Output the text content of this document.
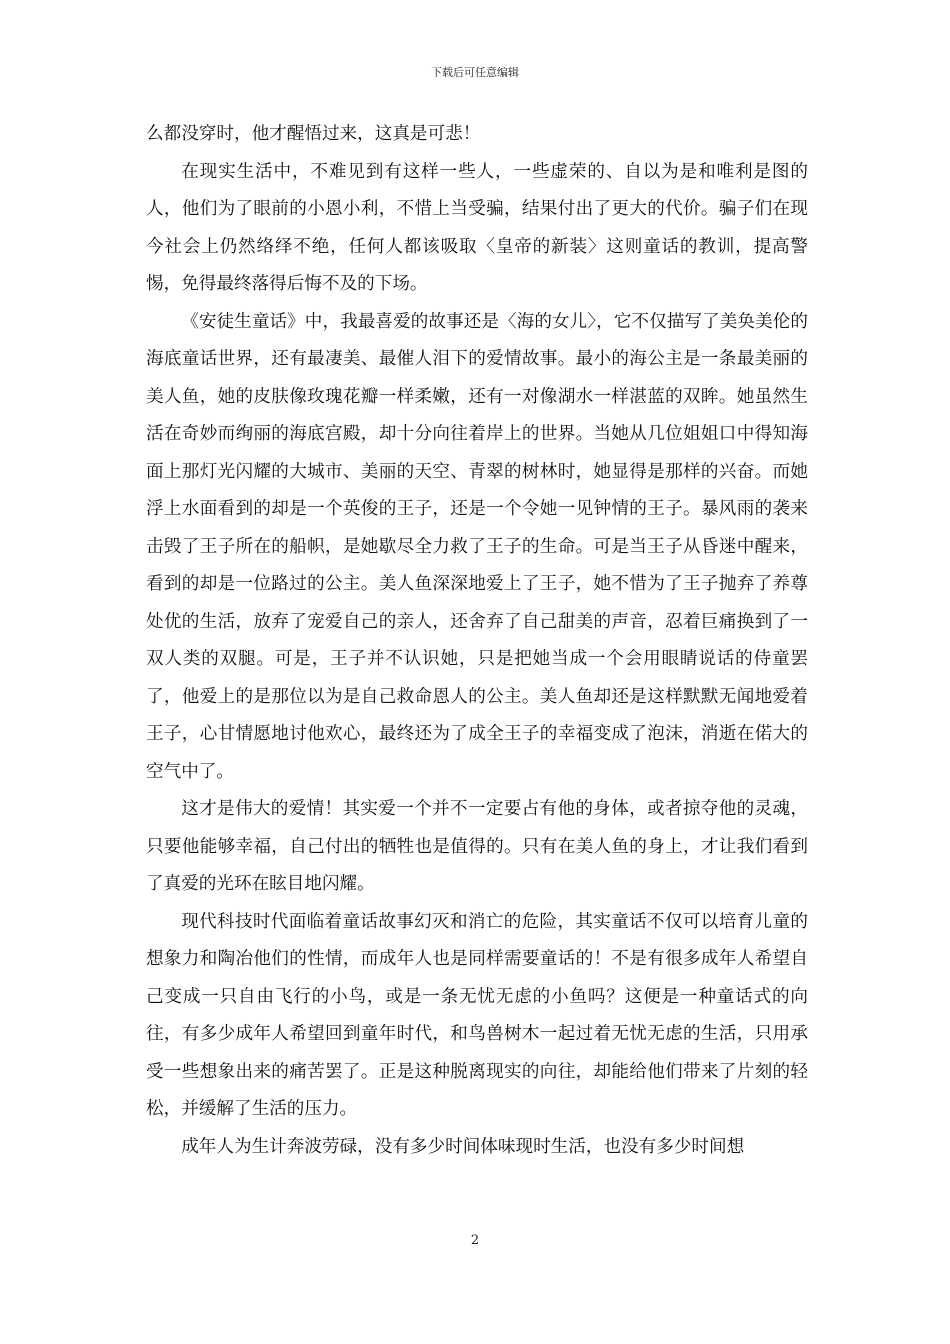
下载后可任意编辑

么都没穿时，他才醒悟过来，这真是可悲！

在现实生活中，不难见到有这样一些人，一些虚荣的、自以为是和唯利是图的人，他们为了眼前的小恩小利，不惜上当受骗，结果付出了更大的代价。骗子们在现今社会上仍然络绎不绝，任何人都该吸取〈皇帝的新装〉这则童话的教训，提高警惕，免得最终落得后悔不及的下场。

《安徒生童话》中，我最喜爱的故事还是〈海的女儿〉，它不仅描写了美奂美伦的海底童话世界，还有最凄美、最催人泪下的爱情故事。最小的海公主是一条最美丽的美人鱼，她的皮肤像玫瑰花瓣一样柔嫩，还有一对像湖水一样湛蓝的双眸。她虽然生活在奇妙而绚丽的海底宫殿，却十分向往着岸上的世界。当她从几位姐姐口中得知海面上那灯光闪耀的大城市、美丽的天空、青翠的树林时，她显得是那样的兴奋。而她浮上水面看到的却是一个英俊的王子，还是一个令她一见钟情的王子。暴风雨的袭来击毁了王子所在的船帜，是她歇尽全力救了王子的生命。可是当王子从昏迷中醒来，看到的却是一位路过的公主。美人鱼深深地爱上了王子，她不惜为了王子抛弃了养尊处优的生活，放弃了宠爱自己的亲人，还舍弃了自己甜美的声音，忍着巨痛换到了一双人类的双腿。可是，王子并不认识她，只是把她当成一个会用眼睛说话的侍童罢了，他爱上的是那位以为是自己救命恩人的公主。美人鱼却还是这样默默无闻地爱着王子，心甘情愿地讨他欢心，最终还为了成全王子的幸福变成了泡沫，消逝在偌大的空气中了。

这才是伟大的爱情！其实爱一个并不一定要占有他的身体，或者掠夺他的灵魂，只要他能够幸福，自己付出的牺牲也是值得的。只有在美人鱼的身上，才让我们看到了真爱的光环在眩目地闪耀。

现代科技时代面临着童话故事幻灭和消亡的危险，其实童话不仅可以培育儿童的想象力和陶冶他们的性情，而成年人也是同样需要童话的！不是有很多成年人希望自己变成一只自由飞行的小鸟，或是一条无忧无虑的小鱼吗？这便是一种童话式的向往，有多少成年人希望回到童年时代，和鸟兽树木一起过着无忧无虑的生活，只用承受一些想象出来的痛苦罢了。正是这种脱离现实的向往，却能给他们带来了片刻的轻松，并缓解了生活的压力。

成年人为生计奔波劳碌，没有多少时间体味现时生活，也没有多少时间想

2
